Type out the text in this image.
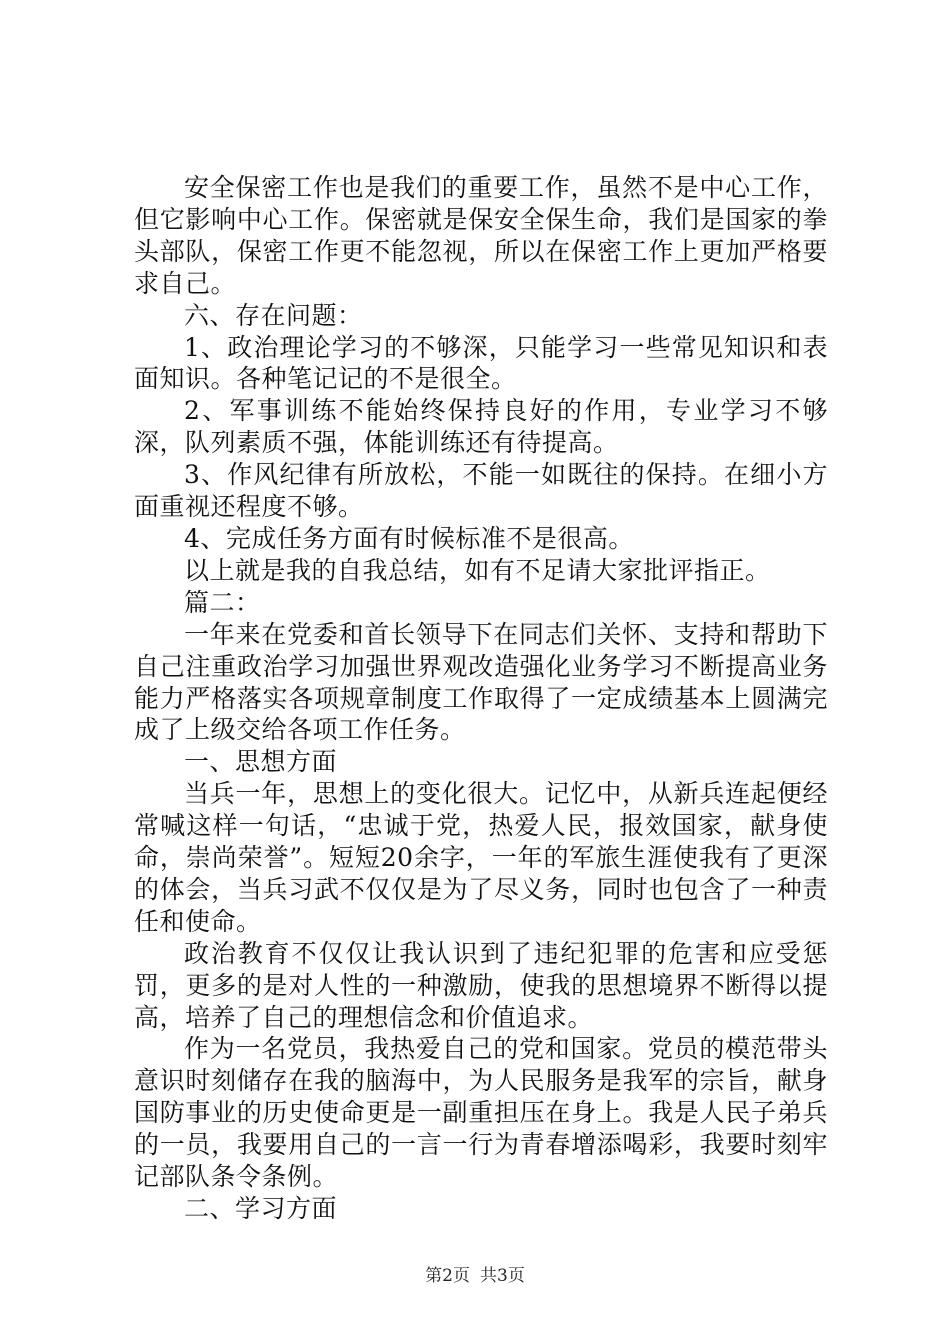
安全保密工作也是我们的重要工作，虽然不是中心工作，但它影响中心工作。保密就是保安全保生命，我们是国家的拳头部队，保密工作更不能忽视，所以在保密工作上更加严格要求自己。

六、存在问题：

1、政治理论学习的不够深，只能学习一些常见知识和表面知识。各种笔记记的不是很全。

2、军事训练不能始终保持良好的作用，专业学习不够深，队列素质不强，体能训练还有待提高。

3、作风纪律有所放松，不能一如既往的保持。在细小方面重视还程度不够。

4、完成任务方面有时候标准不是很高。

以上就是我的自我总结，如有不足请大家批评指正。

篇二：

一年来在党委和首长领导下在同志们关怀、支持和帮助下自己注重政治学习加强世界观改造强化业务学习不断提高业务能力严格落实各项规章制度工作取得了一定成绩基本上圆满完成了上级交给各项工作任务。

一、思想方面

当兵一年，思想上的变化很大。记忆中，从新兵连起便经常喊这样一句话，“忠诚于党，热爱人民，报效国家，献身使命，崇尚荣誉”。短短20余字，一年的军旅生涯使我有了更深的体会，当兵习武不仅仅是为了尽义务，同时也包含了一种责任和使命。

政治教育不仅仅让我认识到了违纪犯罪的危害和应受惩罚，更多的是对人性的一种激励，使我的思想境界不断得以提高，培养了自己的理想信念和价值追求。

作为一名党员，我热爱自己的党和国家。党员的模范带头意识时刻储存在我的脑海中，为人民服务是我军的宗旨，献身国防事业的历史使命更是一副重担压在身上。我是人民子弟兵的一员，我要用自己的一言一行为青春增添喝彩，我要时刻牢记部队条令条例。

二、学习方面

第2页 共3页
